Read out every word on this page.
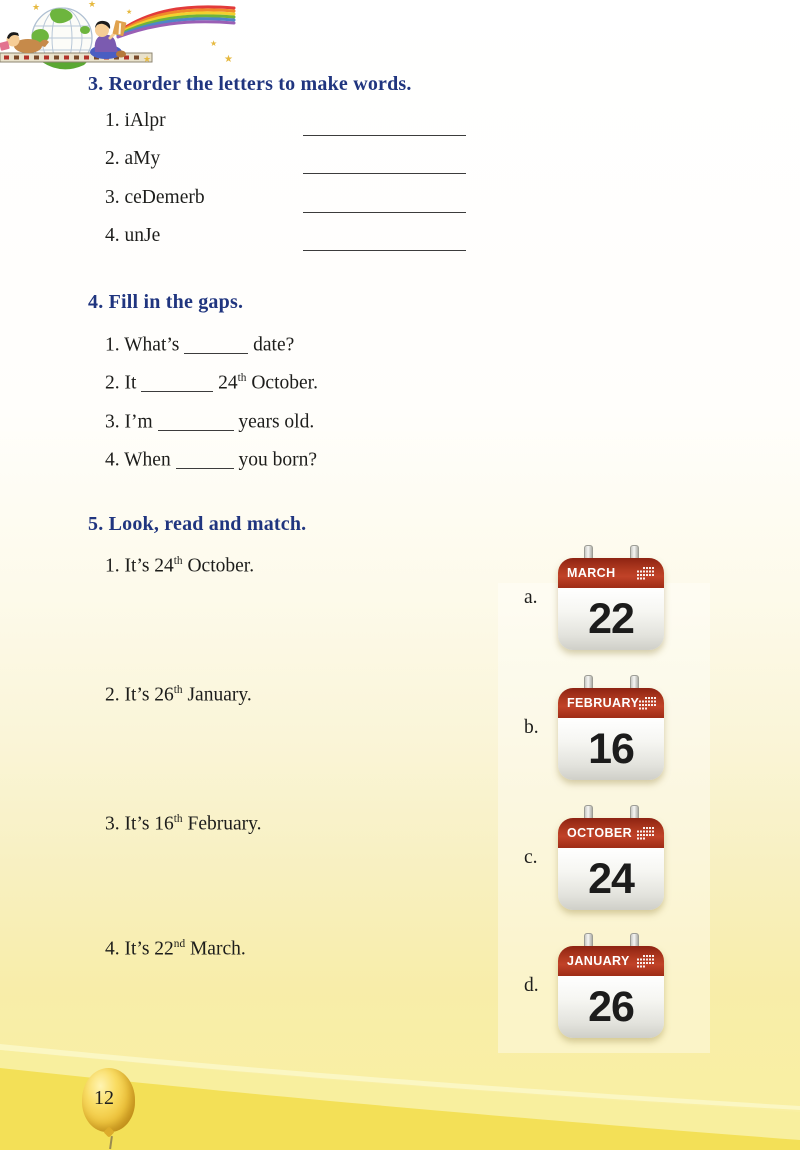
★	★
★
★
★
★
3. Reorder the letters to make words.
1. iAlpr
2. aMy
3. ceDemerb
4. unJe
4. Fill in the gaps.
1. What’s	date?
2. It	24th October.
3. I’m	years old.
4. When	you born?
5. Look, read and match.
1. It’s 24th October.
2. It’s 26th January.
3. It’s 16th February.
4. It’s 22nd March.
a.
MARCH
22
b.
FEBRUARY
16
c.
OCTOBER
24
d.
JANUARY
26
12
